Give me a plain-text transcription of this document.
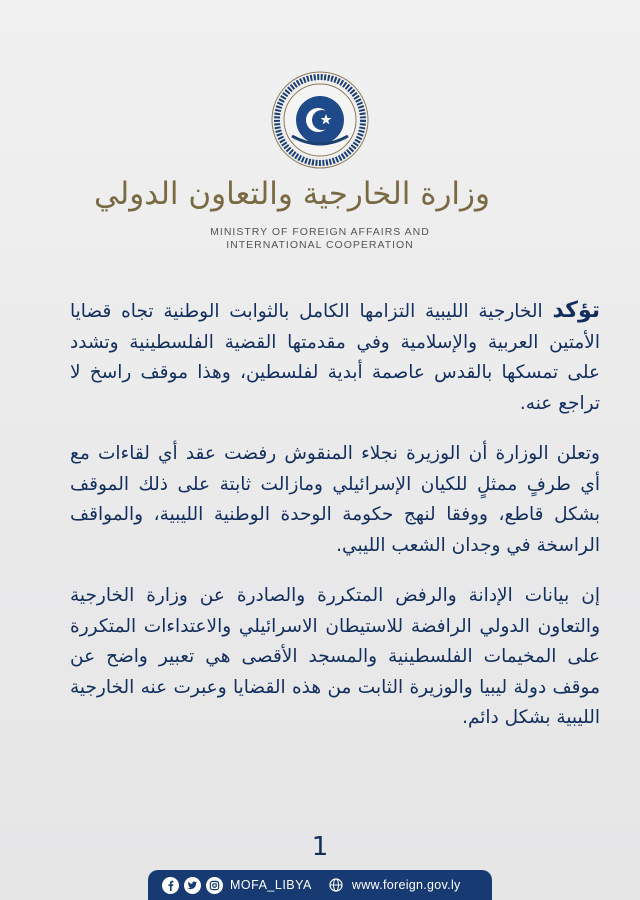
وزارة الخارجية والتعاون الدولي
MINISTRY OF FOREIGN AFFAIRS AND
INTERNATIONAL COOPERATION

تؤكد الخارجية الليبية التزامها الكامل بالثوابت الوطنية تجاه قضايا الأمتين العربية والإسلامية وفي مقدمتها القضية الفلسطينية وتشدد على تمسكها بالقدس عاصمة أبدية لفلسطين، وهذا موقف راسخ لا تراجع عنه.

وتعلن الوزارة أن الوزيرة نجلاء المنقوش رفضت عقد أي لقاءات مع أي طرفٍ ممثلٍ للكيان الإسرائيلي ومازالت ثابتة على ذلك الموقف بشكل قاطع، ووفقا لنهج حكومة الوحدة الوطنية الليبية، والمواقف الراسخة في وجدان الشعب الليبي.

إن بيانات الإدانة والرفض المتكررة والصادرة عن وزارة الخارجية والتعاون الدولي الرافضة للاستيطان الاسرائيلي والاعتداءات المتكررة على المخيمات الفلسطينية والمسجد الأقصى هي تعبير واضح عن موقف دولة ليبيا والوزيرة الثابت من هذه القضايا وعبرت عنه الخارجية الليبية بشكل دائم.

1
MOFA_LIBYA	www.foreign.gov.ly
